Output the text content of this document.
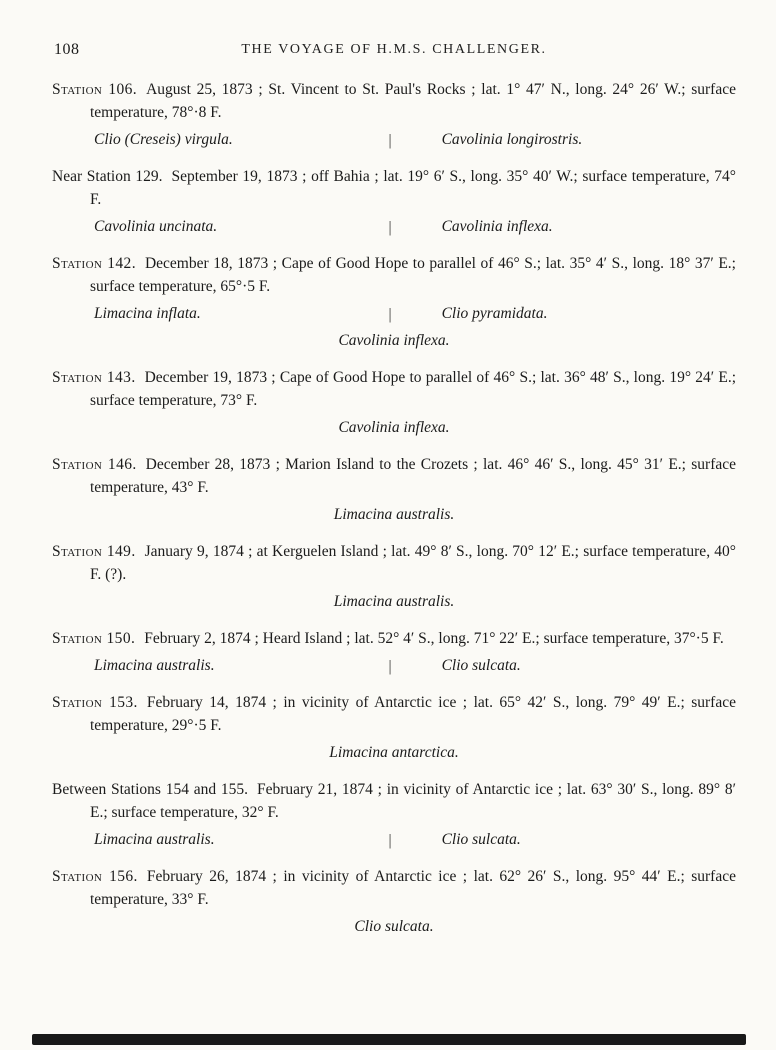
108	THE VOYAGE OF H.M.S. CHALLENGER.

Station 106. August 25, 1873 ; St. Vincent to St. Paul's Rocks ; lat. 1° 47′ N., long. 24° 26′ W.; surface temperature, 78°·8 F.

Clio (Creseis) virgula.	|	Cavolinia longirostris.

Near Station 129. September 19, 1873 ; off Bahia ; lat. 19° 6′ S., long. 35° 40′ W.; surface temperature, 74° F.

Cavolinia uncinata.	|	Cavolinia inflexa.

Station 142. December 18, 1873 ; Cape of Good Hope to parallel of 46° S.; lat. 35° 4′ S., long. 18° 37′ E.; surface temperature, 65°·5 F.

Limacina inflata.	|	Clio pyramidata.
Cavolinia inflexa.

Station 143. December 19, 1873 ; Cape of Good Hope to parallel of 46° S.; lat. 36° 48′ S., long. 19° 24′ E.; surface temperature, 73° F.

Cavolinia inflexa.

Station 146. December 28, 1873 ; Marion Island to the Crozets ; lat. 46° 46′ S., long. 45° 31′ E.; surface temperature, 43° F.

Limacina australis.

Station 149. January 9, 1874 ; at Kerguelen Island ; lat. 49° 8′ S., long. 70° 12′ E.; surface temperature, 40° F. (?).

Limacina australis.

Station 150. February 2, 1874 ; Heard Island ; lat. 52° 4′ S., long. 71° 22′ E.; surface temperature, 37°·5 F.

Limacina australis.	|	Clio sulcata.

Station 153. February 14, 1874 ; in vicinity of Antarctic ice ; lat. 65° 42′ S., long. 79° 49′ E.; surface temperature, 29°·5 F.

Limacina antarctica.

Between Stations 154 and 155. February 21, 1874 ; in vicinity of Antarctic ice ; lat. 63° 30′ S., long. 89° 8′ E.; surface temperature, 32° F.

Limacina australis.	|	Clio sulcata.

Station 156. February 26, 1874 ; in vicinity of Antarctic ice ; lat. 62° 26′ S., long. 95° 44′ E.; surface temperature, 33° F.

Clio sulcata.
